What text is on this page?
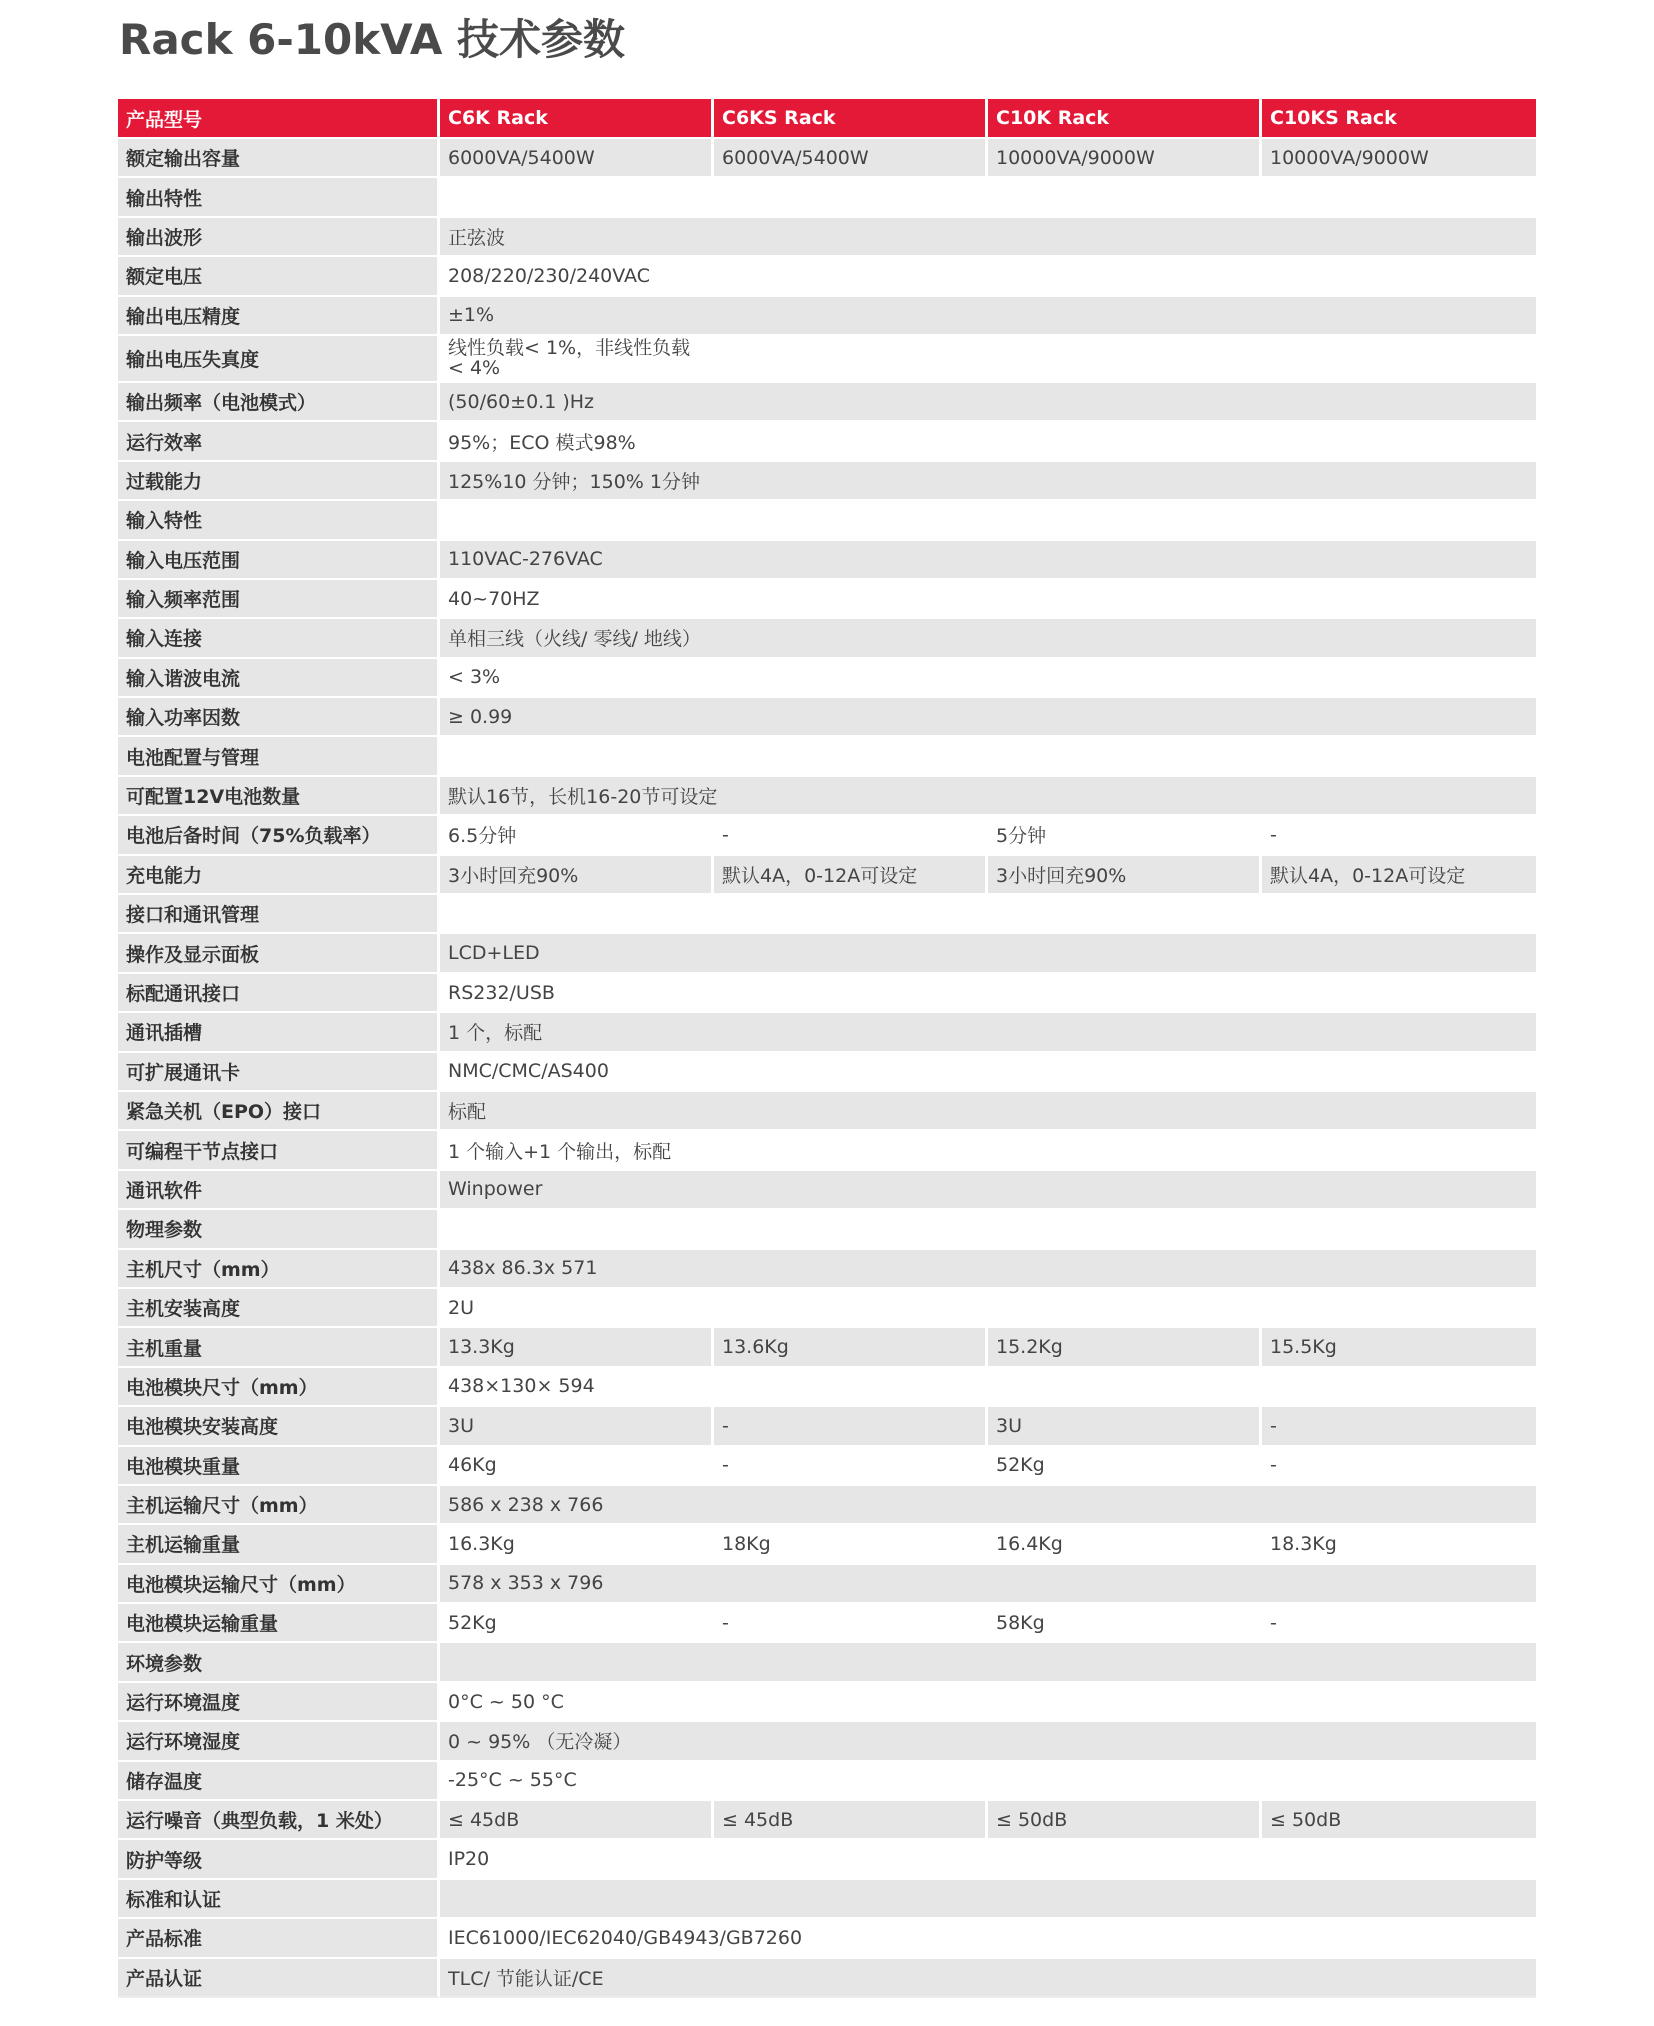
Rack 6-10kVA 技术参数
产品型号	C6K Rack	C6KS Rack	C10K Rack	C10KS Rack
额定输出容量	6000VA/5400W	6000VA/5400W	10000VA/9000W	10000VA/9000W
输出特性				
输出波形	正弦波			
额定电压	208/220/230/240VAC			
输出电压精度	±1%			
输出电压失真度	线性负载< 1%，非线性负载< 4%			

输出频率（电池模式）	(50/60±0.1 )Hz			
运行效率	95%；ECO 模式98%			
过载能力	125%10 分钟；150% 1分钟			
输入特性				
输入电压范围	110VAC-276VAC			
输入频率范围	40~70HZ			
输入连接	单相三线（火线/ 零线/ 地线）			
输入谐波电流	< 3%			
输入功率因数	≥ 0.99			
电池配置与管理				
可配置12V电池数量	默认16节，长机16-20节可设定			
电池后备时间（75%负载率）	6.5分钟	-	5分钟	-
充电能力	3小时回充90%	默认4A，0-12A可设定	3小时回充90%	默认4A，0-12A可设定
接口和通讯管理				
操作及显示面板	LCD+LED			
标配通讯接口	RS232/USB			
通讯插槽	1 个，标配			
可扩展通讯卡	NMC/CMC/AS400			
紧急关机（EPO）接口	标配			
可编程干节点接口	1 个输入+1 个输出，标配			
通讯软件	Winpower			
物理参数				
主机尺寸（mm）	438x 86.3x 571			
主机安装高度	2U			
主机重量	13.3Kg	13.6Kg	15.2Kg	15.5Kg
电池模块尺寸（mm）	438×130× 594			
电池模块安装高度	3U	-	3U	-
电池模块重量	46Kg	-	52Kg	-
主机运输尺寸（mm）	586 x 238 x 766			
主机运输重量	16.3Kg	18Kg	16.4Kg	18.3Kg
电池模块运输尺寸（mm）	578 x 353 x 796			
电池模块运输重量	52Kg	-	58Kg	-
环境参数				
运行环境温度	0°C ~ 50 °C			
运行环境湿度	0 ~ 95% （无冷凝）			
储存温度	-25°C ~ 55°C			
运行噪音（典型负载，1 米处）	≤ 45dB	≤ 45dB	≤ 50dB	≤ 50dB
防护等级	IP20			
标准和认证				
产品标准	IEC61000/IEC62040/GB4943/GB7260			
产品认证	TLC/ 节能认证/CE			
